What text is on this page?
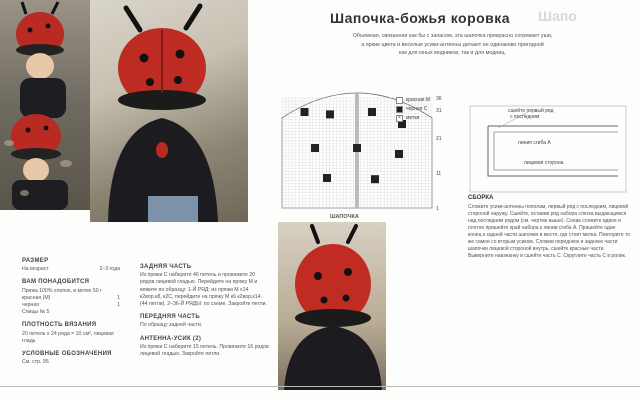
Шапочка-божья коровка Шапо
Объемная, связанная как бы с запасом, эта шапочка прекрасно согревает уши,
а яркие цвета и веселые усики-антенны делают ее одинаково пригодной
как для юных модников, так и для модниц.
36
31
21
11
1
красная М
черная С
×	метки
сшейте первый ряд
с последним
линия сгиба А
лицевая сторона
СБОРКА
Сложите усики-антенны пополам, первый ряд с последним, лицевой стороной наружу. Сшейте, оставив ряд набора слегка выдающимся над последним рядом (см. чертеж выше). Снова сложите вдвое и плотно пришейте край набора к линии сгиба А. Пришейте один конец к задней части шапочки в месте, где стоит метка. Повторите то же самое со вторым усиком. Сложив переднюю и заднюю части шапочки лицевой стороной внутрь, сшейте красные части. Выверните наизнанку и сшейте часть С. Скруглите часть С в ролик.
ШАПОЧКА
РАЗМЕР
На возраст	2–3 года
ВАМ ПОНАДОБИТСЯ
Пряжа 100% хлопок, в мотке 50 г
красная (М)	1
черная	1
Спицы № 5
ПЛОТНОСТЬ ВЯЗАНИЯ
20 петель х 24 ряда = 10 см², лицевая гладь
УСЛОВНЫЕ ОБОЗНАЧЕНИЯ
См. стр. 95
ЗАДНЯЯ ЧАСТЬ
Из пряжи С наберите 46 петель и провяжите 20 рядов лицевой гладью. Перейдите на пряжу М и вяжите по образцу: 1-Й РЯД: из пряжи М х14 к2вор.к8, к2С, перейдите на пряжу М к6 к2вор.к14. (44 петли). 2–36-Й РЯДЫ: по схеме. Закройте петли.
ПЕРЕДНЯЯ ЧАСТЬ
По образцу задней части.
АНТЕННА-УСИК (2)
Из пряжи С наберите 15 петель. Провяжите 16 рядов лицевой гладью. Закройте петли.
